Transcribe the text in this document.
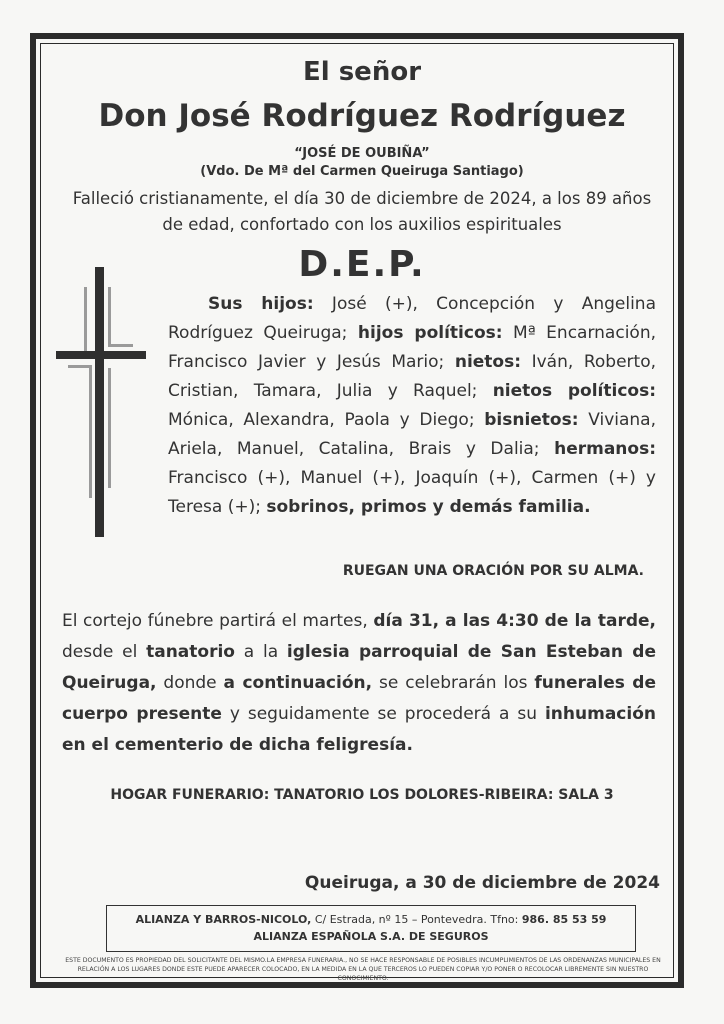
El señor
Don José Rodríguez Rodríguez
“JOSÉ DE OUBIÑA”
(Vdo. De Mª del Carmen Queiruga Santiago)
Falleció cristianamente, el día 30 de diciembre de 2024, a los 89 años de edad, confortado con los auxilios espirituales
D.E.P.
Sus hijos: José (+), Concepción y Angelina Rodríguez Queiruga; hijos políticos: Mª Encarnación, Francisco Javier y Jesús Mario; nietos: Iván, Roberto, Cristian, Tamara, Julia y Raquel; nietos políticos: Mónica, Alexandra, Paola y Diego; bisnietos: Viviana, Ariela, Manuel, Catalina, Brais y Dalia; hermanos: Francisco (+), Manuel (+), Joaquín (+), Carmen (+) y Teresa (+); sobrinos, primos y demás familia.
RUEGAN UNA ORACIÓN POR SU ALMA.
El cortejo fúnebre partirá el martes, día 31, a las 4:30 de la tarde, desde el tanatorio a la iglesia parroquial de San Esteban de Queiruga, donde a continuación, se celebrarán los funerales de cuerpo presente y seguidamente se procederá a su inhumación en el cementerio de dicha feligresía.
HOGAR FUNERARIO: TANATORIO LOS DOLORES-RIBEIRA: SALA 3
Queiruga, a 30 de diciembre de 2024
ALIANZA Y BARROS-NICOLO, C/ Estrada, nº 15 – Pontevedra. Tfno: 986. 85 53 59
ALIANZA ESPAÑOLA S.A. DE SEGUROS
ESTE DOCUMENTO ES PROPIEDAD DEL SOLICITANTE DEL MISMO.LA EMPRESA FUNERARIA., NO SE HACE RESPONSABLE DE POSIBLES INCUMPLIMIENTOS DE LAS ORDENANZAS MUNICIPALES EN RELACIÓN A LOS LUGARES DONDE ESTE PUEDE APARECER COLOCADO, EN LA MEDIDA EN LA QUE TERCEROS LO PUEDEN COPIAR Y/O PONER O RECOLOCAR LIBREMENTE SIN NUESTRO CONOCIMIENTO.
